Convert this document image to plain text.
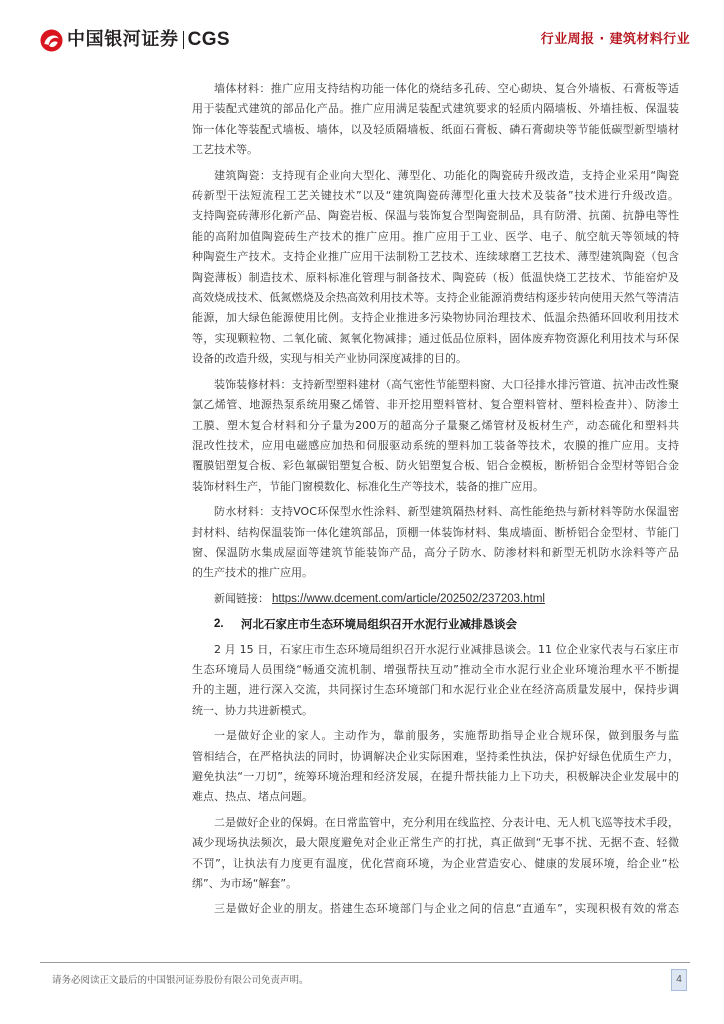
中国银河证券 CGS	行业周报 · 建筑材料行业
墙体材料：推广应用支持结构功能一体化的烧结多孔砖、空心砌块、复合外墙板、石膏板等适
用于装配式建筑的部品化产品。推广应用满足装配式建筑要求的轻质内隔墙板、外墙挂板、保温装
饰一体化等装配式墙板、墙体，以及轻质隔墙板、纸面石膏板、磷石膏砌块等节能低碳型新型墙材
工艺技术等。
建筑陶瓷：支持现有企业向大型化、薄型化、功能化的陶瓷砖升级改造，支持企业采用“陶瓷
砖新型干法短流程工艺关键技术”以及“建筑陶瓷砖薄型化重大技术及装备”技术进行升级改造。
支持陶瓷砖薄形化新产品、陶瓷岩板、保温与装饰复合型陶瓷制品，具有防滑、抗菌、抗静电等性
能的高附加值陶瓷砖生产技术的推广应用。推广应用于工业、医学、电子、航空航天等领域的特
种陶瓷生产技术。支持企业推广应用干法制粉工艺技术、连续球磨工艺技术、薄型建筑陶瓷（包含
陶瓷薄板）制造技术、原料标准化管理与制备技术、陶瓷砖（板）低温快烧工艺技术、节能窑炉及
高效烧成技术、低氮燃烧及余热高效利用技术等。支持企业能源消费结构逐步转向使用天然气等清洁
能源，加大绿色能源使用比例。支持企业推进多污染物协同治理技术、低温余热循环回收利用技术
等，实现颗粒物、二氧化硫、氮氧化物减排；通过低品位原料，固体废弃物资源化利用技术与环保
设备的改造升级，实现与相关产业协同深度减排的目的。
装饰装修材料：支持新型塑料建材（高气密性节能塑料窗、大口径排水排污管道、抗冲击改性聚
氯乙烯管、地源热泵系统用聚乙烯管、非开挖用塑料管材、复合塑料管材、塑料检查井）、防渗土
工膜、塑木复合材料和分子量为200万的超高分子量聚乙烯管材及板材生产，动态硫化和塑料共
混改性技术，应用电磁感应加热和伺服驱动系统的塑料加工装备等技术，农膜的推广应用。支持
覆膜铝塑复合板、彩色氟碳铝塑复合板、防火铝塑复合板、铝合金模板，断桥铝合金型材等铝合金
装饰材料生产，节能门窗模数化、标准化生产等技术，装备的推广应用。
防水材料：支持VOC环保型水性涂料、新型建筑隔热材料、高性能绝热与新材料等防水保温密
封材料、结构保温装饰一体化建筑部品，顶棚一体装饰材料、集成墙面、断桥铝合金型材、节能门
窗、保温防水集成屋面等建筑节能装饰产品，高分子防水、防渗材料和新型无机防水涂料等产品
的生产技术的推广应用。
新闻链接： https://www.dcement.com/article/202502/237203.html
2.	河北石家庄市生态环境局组织召开水泥行业减排恳谈会
2 月 15 日，石家庄市生态环境局组织召开水泥行业减排恳谈会。11 位企业家代表与石家庄市
生态环境局人员围绕“畅通交流机制、增强帮扶互动”推动全市水泥行业企业环境治理水平不断提
升的主题，进行深入交流，共同探讨生态环境部门和水泥行业企业在经济高质量发展中，保持步调
统一、协力共进新模式。
一是做好企业的家人。主动作为，靠前服务，实施帮助指导企业合规环保，做到服务与监
管相结合，在严格执法的同时，协调解决企业实际困难，坚持柔性执法，保护好绿色优质生产力，
避免执法“一刀切”，统筹环境治理和经济发展，在提升帮扶能力上下功夫，积极解决企业发展中的
难点、热点、堵点问题。
二是做好企业的保姆。在日常监管中，充分利用在线监控、分表计电、无人机飞巡等技术手段，
减少现场执法频次，最大限度避免对企业正常生产的打扰，真正做到“无事不扰、无据不查、轻微
不罚”，让执法有力度更有温度，优化营商环境，为企业营造安心、健康的发展环境，给企业“松
绑”、为市场“解套”。
三是做好企业的朋友。搭建生态环境部门与企业之间的信息“直通车”，实现积极有效的常态
请务必阅读正文最后的中国银河证券股份有限公司免责声明。	4
